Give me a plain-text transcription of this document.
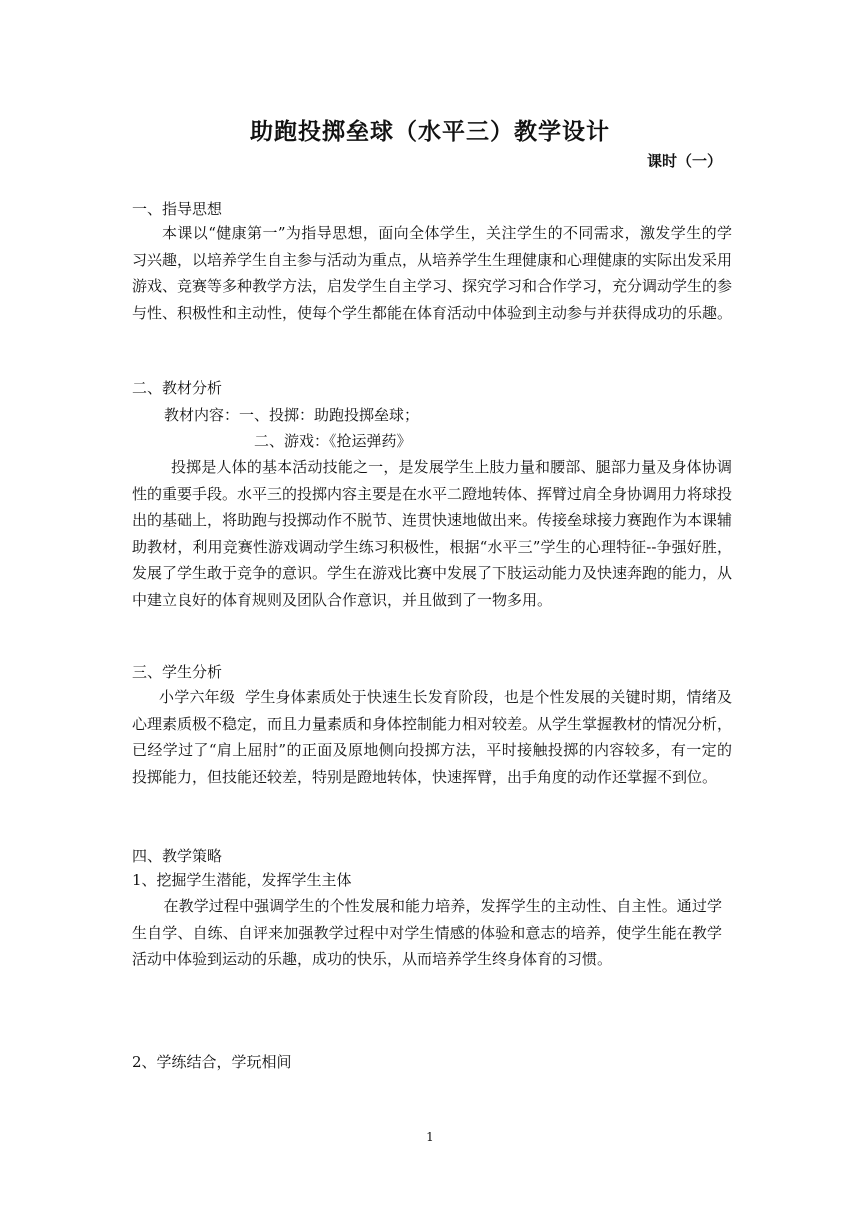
助跑投掷垒球（水平三）教学设计
课时（一）
一、指导思想
本课以“健康第一”为指导思想，面向全体学生，关注学生的不同需求，激发学生的学习兴趣，以培养学生自主参与活动为重点，从培养学生生理健康和心理健康的实际出发采用游戏、竞赛等多种教学方法，启发学生自主学习、探究学习和合作学习，充分调动学生的参与性、积极性和主动性，使每个学生都能在体育活动中体验到主动参与并获得成功的乐趣。
二、教材分析
教材内容：一、投掷：助跑投掷垒球；
二、游戏：《抢运弹药》
投掷是人体的基本活动技能之一，是发展学生上肢力量和腰部、腿部力量及身体协调性的重要手段。水平三的投掷内容主要是在水平二蹬地转体、挥臂过肩全身协调用力将球投出的基础上，将助跑与投掷动作不脱节、连贯快速地做出来。传接垒球接力赛跑作为本课辅助教材，利用竞赛性游戏调动学生练习积极性，根据“水平三”学生的心理特征--争强好胜，发展了学生敢于竞争的意识。学生在游戏比赛中发展了下肢运动能力及快速奔跑的能力，从中建立良好的体育规则及团队合作意识，并且做到了一物多用。
三、学生分析
小学六年级  学生身体素质处于快速生长发育阶段，也是个性发展的关键时期，情绪及心理素质极不稳定，而且力量素质和身体控制能力相对较差。从学生掌握教材的情况分析，已经学过了“肩上屈肘”的正面及原地侧向投掷方法，平时接触投掷的内容较多，有一定的投掷能力，但技能还较差，特别是蹬地转体，快速挥臂，出手角度的动作还掌握不到位。
四、教学策略
1、挖掘学生潜能，发挥学生主体
在教学过程中强调学生的个性发展和能力培养，发挥学生的主动性、自主性。通过学生自学、自练、自评来加强教学过程中对学生情感的体验和意志的培养，使学生能在教学活动中体验到运动的乐趣，成功的快乐，从而培养学生终身体育的习惯。
2、学练结合，学玩相间
1
